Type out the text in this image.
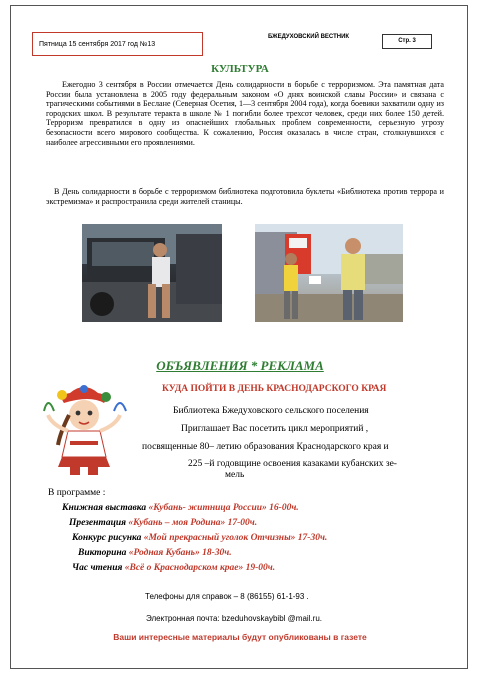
Пятница 15 сентября 2017 год №13
БЖЕДУХОВСКИЙ ВЕСТНИК
Стр. 3
КУЛЬТУРА
Ежегодно 3 сентября в России отмечается День солидарности в борьбе с терроризмом. Эта памятная дата России была установлена в 2005 году федеральным законом «О днях воинской славы России» и связана с трагическими событиями в Беслане (Северная Осетия, 1—3 сентября 2004 года), когда боевики захватили одну из городских школ. В результате теракта в школе № 1 погибли более трехсот человек, среди них более 150 детей. Терроризм превратился в одну из опаснейших глобальных проблем современности, серьезную угрозу безопасности всего мирового сообщества. К сожалению, Россия оказалась в числе стран, столкнувшихся с наиболее агрессивными его проявлениями.
В День солидарности в борьбе с терроризмом библиотека подготовила буклеты «Библиотека против террора и экстремизма» и распространила среди жителей станицы.
ОБЪЯВЛЕНИЯ * РЕКЛАМА
КУДА ПОЙТИ В ДЕНЬ КРАСНОДАРСКОГО КРАЯ
Библиотека Бжедуховского сельского поселения
Приглашает Вас посетить цикл мероприятий ,
посвященные 80– летию образования Краснодарского края и
225 –й годовщине освоения казаками кубанских зе-
мель
В программе :
Книжная выставка «Кубань- житница России» 16-00ч.
Презентация «Кубань – моя Родина» 17-00ч.
Конкурс рисунка «Мой прекрасный уголок Отчизны» 17-30ч.
Викторина «Родная Кубань» 18-30ч.
Час чтения «Всё о Краснодарском крае» 19-00ч.
Телефоны для справок – 8 (86155) 61-1-93 .
Электронная почта: bzeduhovskaybibl @mail.ru.
Ваши интересные материалы будут опубликованы в газете
